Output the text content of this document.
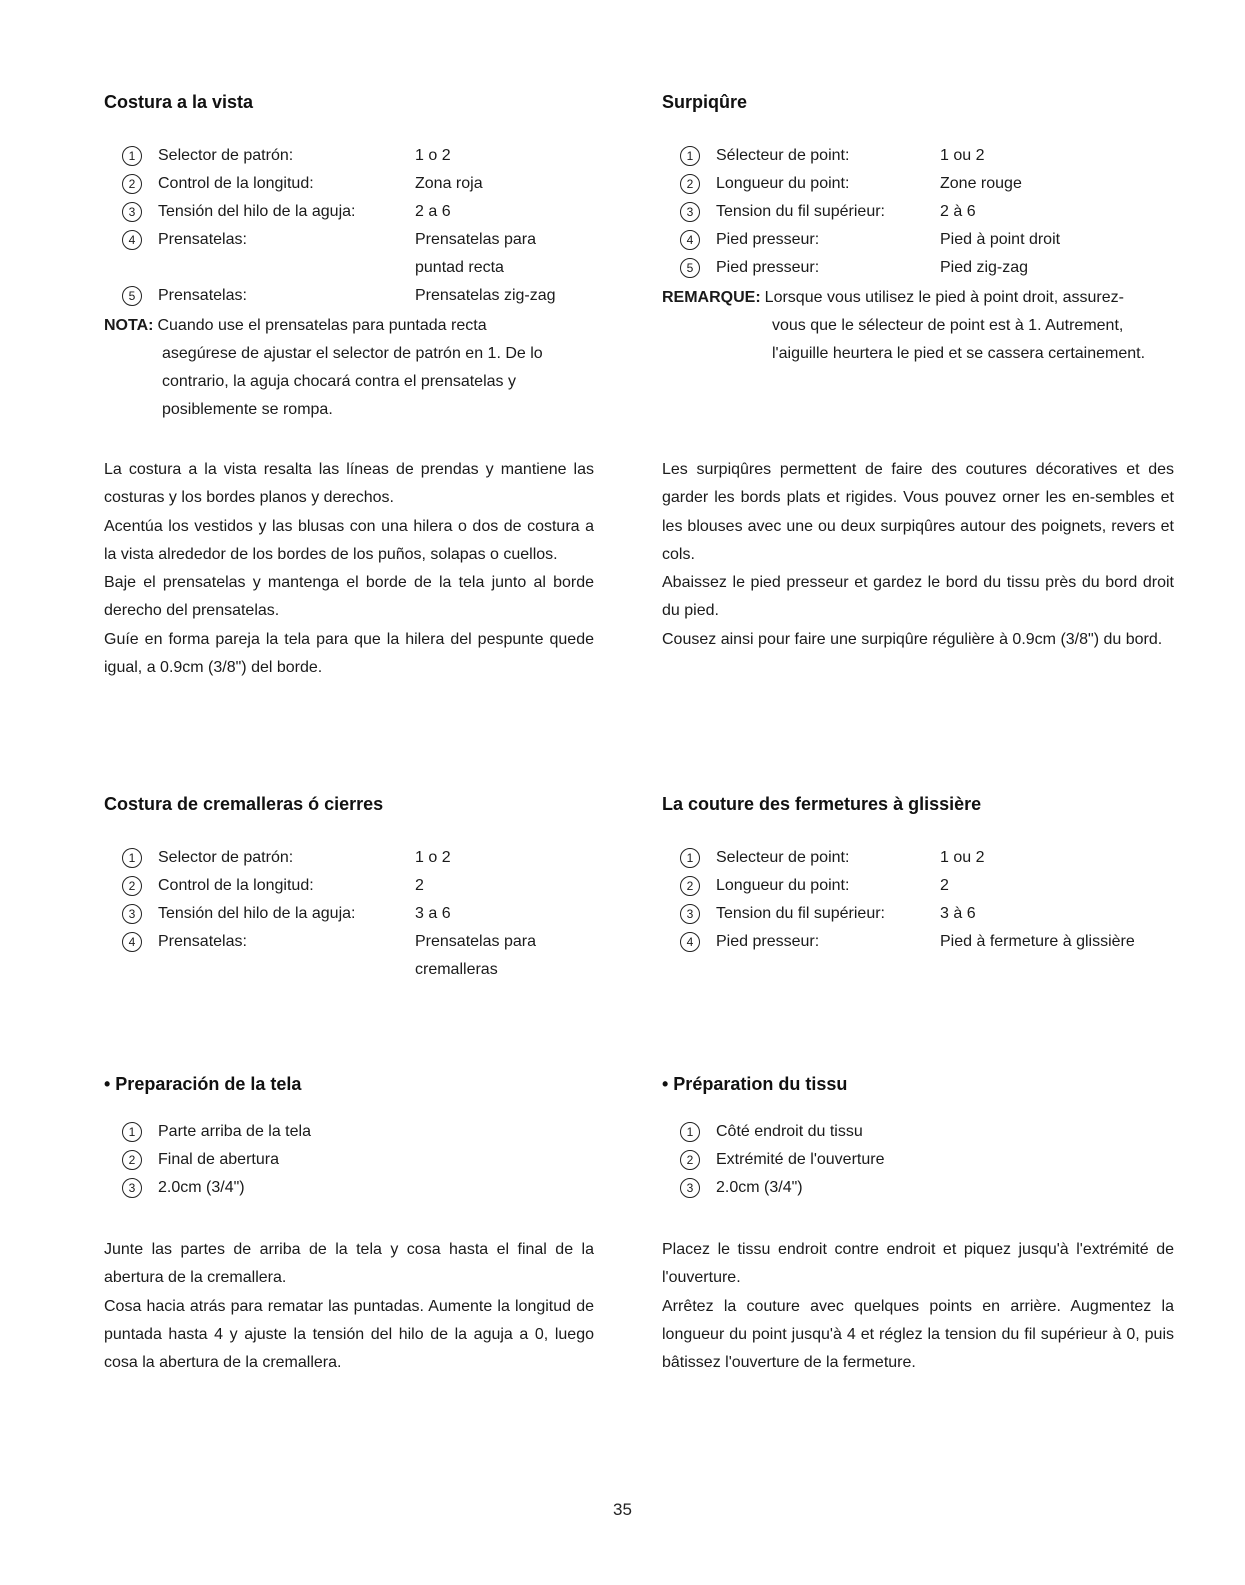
Costura a la vista
1	Selector de patrón:	1 o 2
2	Control de la longitud:	Zona roja
3	Tensión del hilo de la aguja:	2 a 6
4	Prensatelas:	Prensatelas para
puntad recta
5	Prensatelas:	Prensatelas zig-zag
NOTA: Cuando use el prensatelas para puntada recta
asegúrese de ajustar el selector de patrón en 1. De lo
contrario, la aguja chocará contra el prensatelas y
posiblemente se rompa.

La costura a la vista resalta las líneas de prendas y mantiene las costuras y los bordes planos y derechos.

Acentúa los vestidos y las blusas con una hilera o dos de costura a la vista alrededor de los bordes de los puños, solapas o cuellos.

Baje el prensatelas y mantenga el borde de la tela junto al borde derecho del prensatelas.

Guíe en forma pareja la tela para que la hilera del pespunte quede igual, a 0.9cm (3/8") del borde.

Costura de cremalleras ó cierres
1	Selector de patrón:	1 o 2
2	Control de la longitud:	2
3	Tensión del hilo de la aguja:	3 a 6
4	Prensatelas:	Prensatelas para
cremalleras
• Preparación de la tela
1	Parte arriba de la tela
2	Final de abertura
3	2.0cm (3/4")

Junte las partes de arriba de la tela y cosa hasta el final de la abertura de la cremallera.

Cosa hacia atrás para rematar las puntadas. Aumente la longitud de puntada hasta 4 y ajuste la tensión del hilo de la aguja a 0, luego cosa la abertura de la cremallera.

Surpiqûre
1	Sélecteur de point:	1 ou 2
2	Longueur du point:	Zone rouge
3	Tension du fil supérieur:	2 à 6
4	Pied presseur:	Pied à point droit
5	Pied presseur:	Pied zig-zag
REMARQUE: Lorsque vous utilisez le pied à point droit, assurez-
vous que le sélecteur de point est à 1. Autrement,
l'aiguille heurtera le pied et se cassera certainement.

Les surpiqûres permettent de faire des coutures décoratives et des garder les bords plats et rigides. Vous pouvez orner les en-sembles et les blouses avec une ou deux surpiqûres autour des poignets, revers et cols.

Abaissez le pied presseur et gardez le bord du tissu près du bord droit du pied.

Cousez ainsi pour faire une surpiqûre régulière à 0.9cm (3/8") du bord.

La couture des fermetures à glissière
1	Selecteur de point:	1 ou 2
2	Longueur du point:	2
3	Tension du fil supérieur:	3 à 6
4	Pied presseur:	Pied à fermeture à glissière
• Préparation du tissu
1	Côté endroit du tissu
2	Extrémité de l'ouverture
3	2.0cm (3/4")

Placez le tissu endroit contre endroit et piquez jusqu'à l'extrémité de l'ouverture.

Arrêtez la couture avec quelques points en arrière. Augmentez la longueur du point jusqu'à 4 et réglez la tension du fil supérieur à 0, puis bâtissez l'ouverture de la fermeture.

35
